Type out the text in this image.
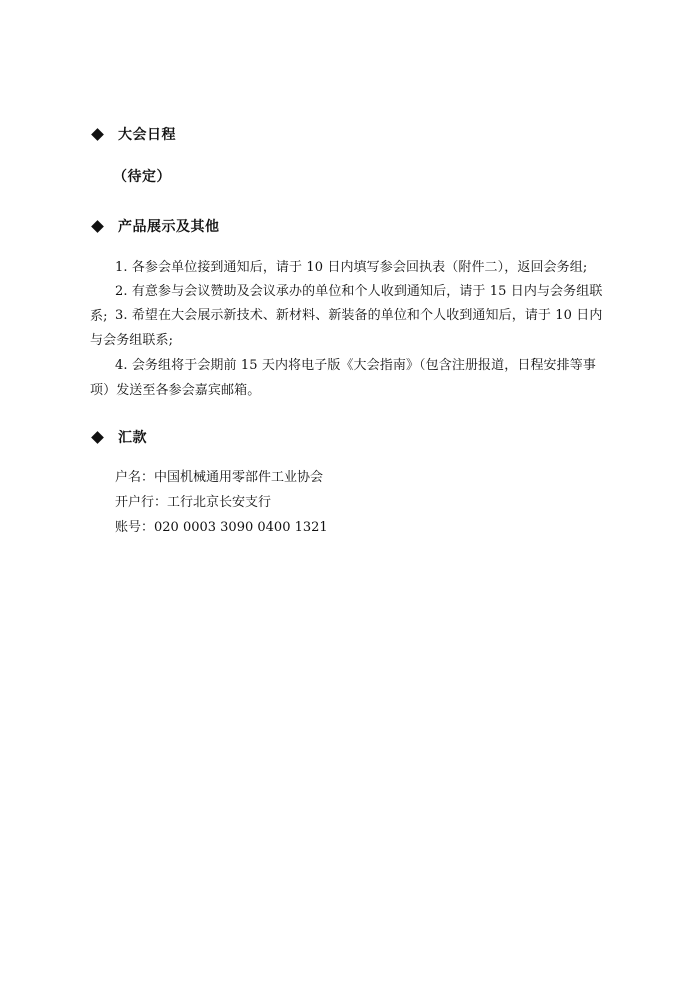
大会日程
（待定）
产品展示及其他
1. 各参会单位接到通知后，请于 10 日内填写参会回执表（附件二），返回会务组;
2. 有意参与会议赞助及会议承办的单位和个人收到通知后，请于 15 日内与会务组联系; 3. 希望在大会展示新技术、新材料、新装备的单位和个人收到通知后，请于 10 日内与会务组联系;
4. 会务组将于会期前 15 天内将电子版《大会指南》（包含注册报道，日程安排等事项）发送至各参会嘉宾邮箱。
汇款
户名：中国机械通用零部件工业协会
开户行：工行北京长安支行
账号：020 0003 3090 0400 1321
